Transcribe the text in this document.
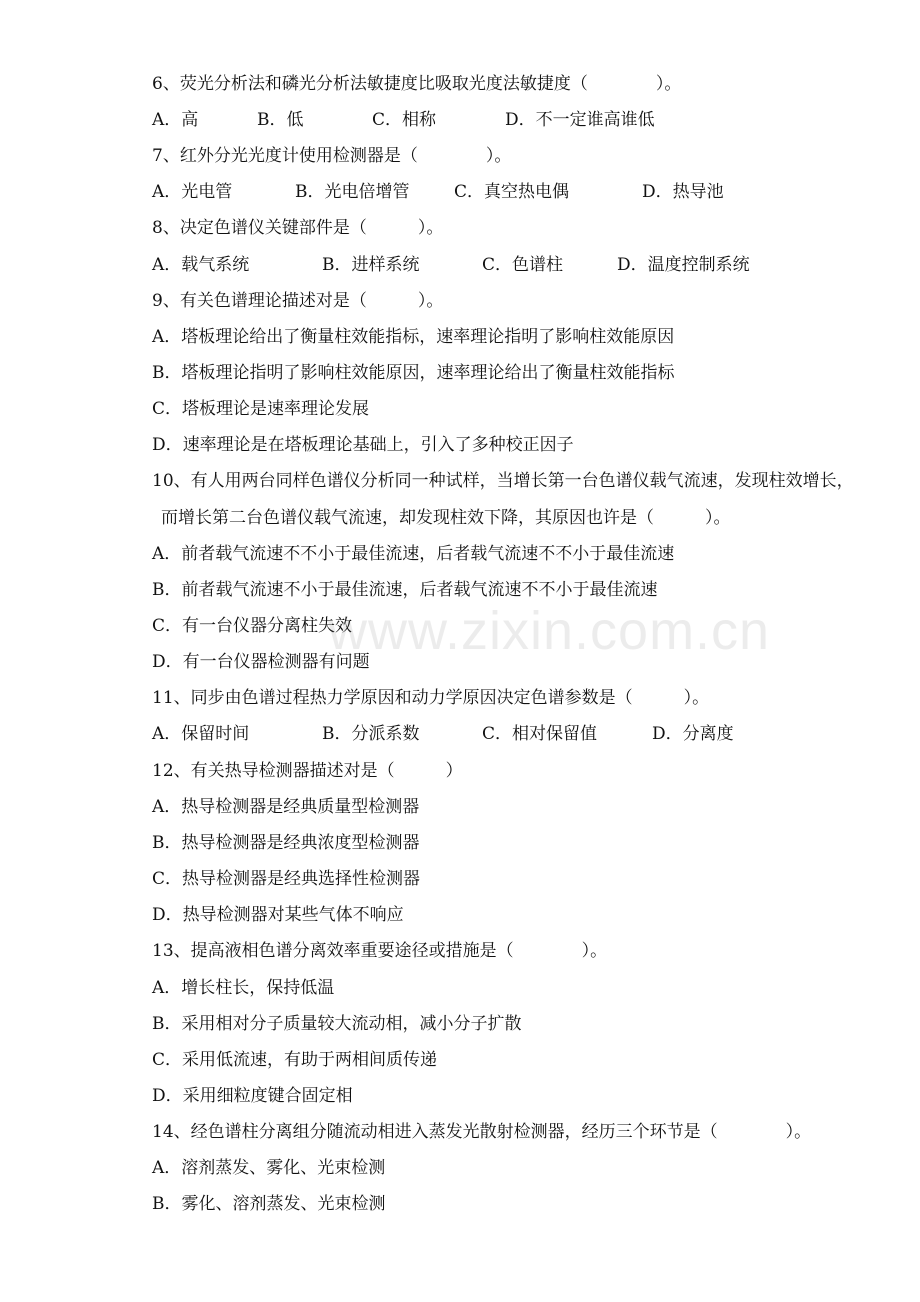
6、荧光分析法和磷光分析法敏捷度比吸取光度法敏捷度（　　　　）。
A．高	B．低	C．相称	D．不一定谁高谁低
7、红外分光光度计使用检测器是（　　　　）。
A．光电管	B．光电倍增管	C．真空热电偶	D．热导池
8、决定色谱仪关键部件是（　　　）。
A．载气系统	B．进样系统	C．色谱柱	D．温度控制系统
9、有关色谱理论描述对是（　　　）。
A．塔板理论给出了衡量柱效能指标，速率理论指明了影响柱效能原因
B．塔板理论指明了影响柱效能原因，速率理论给出了衡量柱效能指标
C．塔板理论是速率理论发展
D．速率理论是在塔板理论基础上，引入了多种校正因子
10、有人用两台同样色谱仪分析同一种试样，当增长第一台色谱仪载气流速，发现柱效增长，
而增长第二台色谱仪载气流速，却发现柱效下降，其原因也许是（　　　）。
A．前者载气流速不不小于最佳流速，后者载气流速不不小于最佳流速
B．前者载气流速不小于最佳流速，后者载气流速不不小于最佳流速
C．有一台仪器分离柱失效
D．有一台仪器检测器有问题
11、同步由色谱过程热力学原因和动力学原因决定色谱参数是（　　　）。
A．保留时间	B．分派系数	C．相对保留值	D．分离度
12、有关热导检测器描述对是（　　　）
A．热导检测器是经典质量型检测器
B．热导检测器是经典浓度型检测器
C．热导检测器是经典选择性检测器
D．热导检测器对某些气体不响应
13、提高液相色谱分离效率重要途径或措施是（　　　　）。
A．增长柱长，保持低温
B．采用相对分子质量较大流动相，减小分子扩散
C．采用低流速，有助于两相间质传递
D．采用细粒度键合固定相
14、经色谱柱分离组分随流动相进入蒸发光散射检测器，经历三个环节是（　　　　）。
A．溶剂蒸发、雾化、光束检测
B．雾化、溶剂蒸发、光束检测
www.zixin.com.cn
